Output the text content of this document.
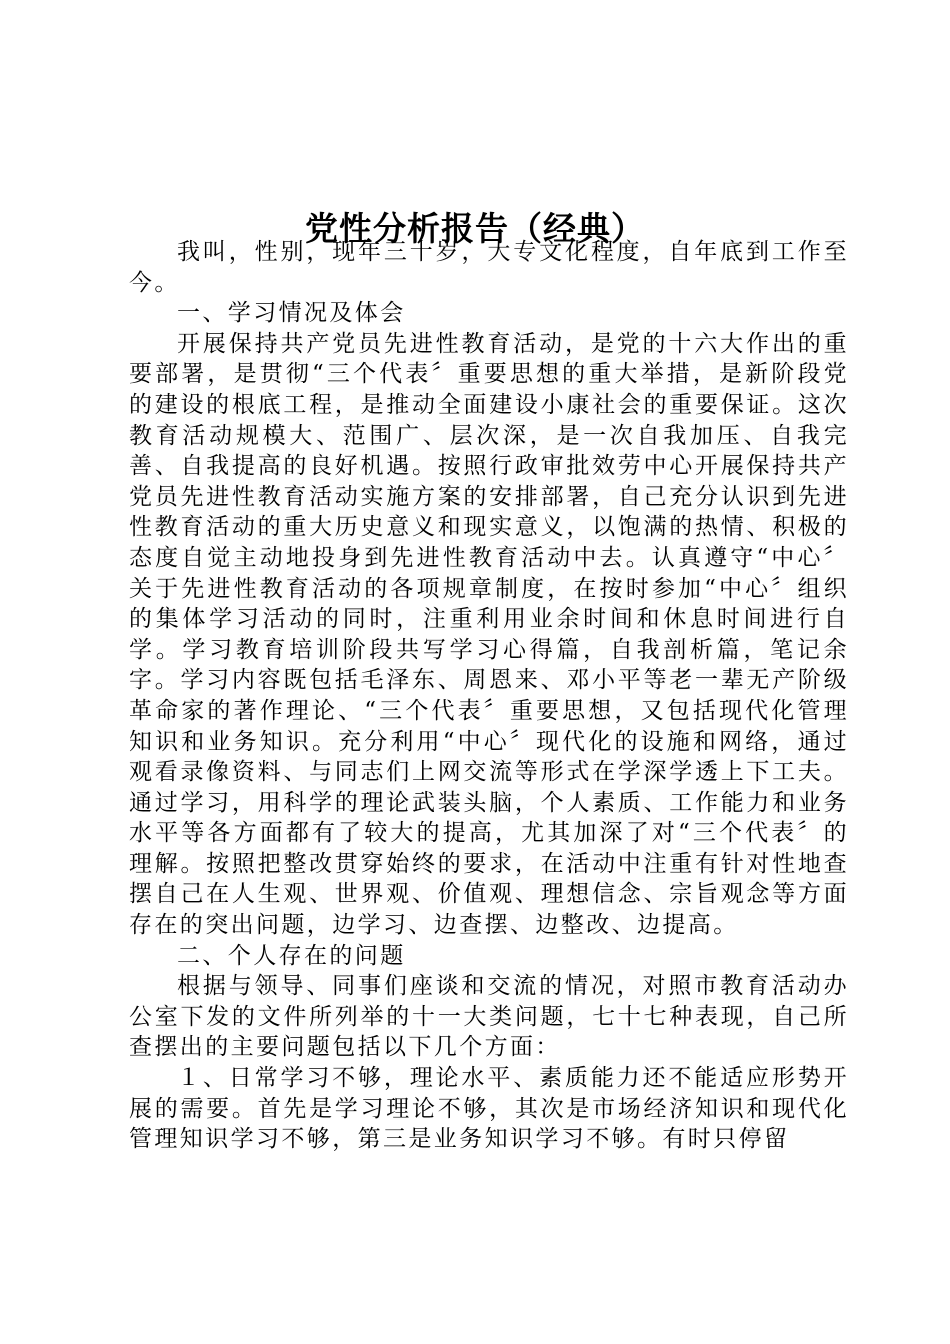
党性分析报告（经典）

我叫，性别，现年三十岁，大专文化程度，自年底到工作至今。

一、学习情况及体会

开展保持共产党员先进性教育活动，是党的十六大作出的重要部署，是贯彻“三个代表〞重要思想的重大举措，是新阶段党的建设的根底工程，是推动全面建设小康社会的重要保证。这次教育活动规模大、范围广、层次深，是一次自我加压、自我完善、自我提高的良好机遇。按照行政审批效劳中心开展保持共产党员先进性教育活动实施方案的安排部署，自己充分认识到先进性教育活动的重大历史意义和现实意义，以饱满的热情、积极的态度自觉主动地投身到先进性教育活动中去。认真遵守“中心〞关于先进性教育活动的各项规章制度，在按时参加“中心〞组织的集体学习活动的同时，注重利用业余时间和休息时间进行自学。学习教育培训阶段共写学习心得篇，自我剖析篇，笔记余字。学习内容既包括毛泽东、周恩来、邓小平等老一辈无产阶级革命家的著作理论、“三个代表〞重要思想，又包括现代化管理知识和业务知识。充分利用“中心〞现代化的设施和网络，通过观看录像资料、与同志们上网交流等形式在学深学透上下工夫。通过学习，用科学的理论武装头脑，个人素质、工作能力和业务水平等各方面都有了较大的提高，尤其加深了对“三个代表〞的理解。按照把整改贯穿始终的要求，在活动中注重有针对性地查摆自己在人生观、世界观、价值观、理想信念、宗旨观念等方面存在的突出问题，边学习、边查摆、边整改、边提高。

二、个人存在的问题

根据与领导、同事们座谈和交流的情况，对照市教育活动办公室下发的文件所列举的十一大类问题，七十七种表现，自己所查摆出的主要问题包括以下几个方面：

１、日常学习不够，理论水平、素质能力还不能适应形势开展的需要。首先是学习理论不够，其次是市场经济知识和现代化管理知识学习不够，第三是业务知识学习不够。有时只停留
